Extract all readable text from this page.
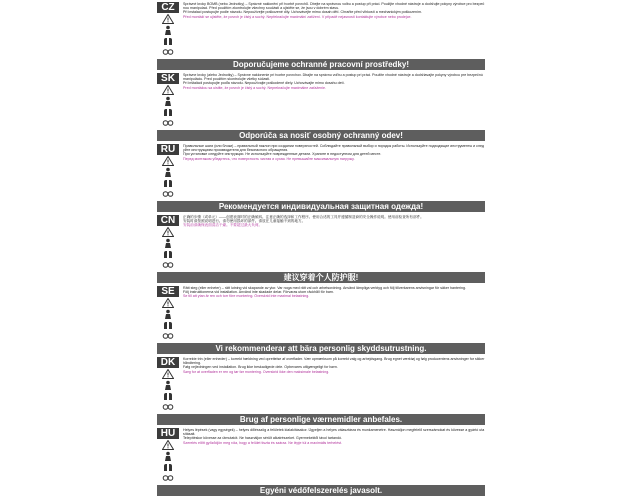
CZ	Správné kroky BOMB (nebo Jednotky) – Správné naklonění při tvorbě povrchů. Dbejte na správnou volbu a postup při práci. Použijte vhodné nástroje a dodržujte pokyny výrobce pro bezpečnou manipulaci. Před použitím zkontrolujte všechny součásti a ujistěte se, že jsou v dobrém stavu.

Při instalaci postupujte podle návodu. Nepoužívejte poškozené díly. Uchovávejte mimo dosah dětí. Chraňte před vlhkostí a mechanickým poškozením.

Před montáží se ujistěte, že povrch je čistý a suchý. Nepřekračujte maximální zatížení. V případě nejasností kontaktujte výrobce nebo prodejce.

Doporučujeme ochranné pracovní prostředky!
SK	Správne kroky (alebo Jednotky) – Správne naklonenie pri tvorbe povrchov. Dbajte na správnu voľbu a postup pri práci. Použite vhodné nástroje a dodržiavajte pokyny výrobcu pre bezpečnú manipuláciu. Pred použitím skontrolujte všetky súčasti.

Pri inštalácii postupujte podľa návodu. Nepoužívajte poškodené diely. Uchovávajte mimo dosahu detí.

Pred montážou sa uistite, že povrch je čistý a suchý. Neprekračujte maximálne zaťaženie.

Odporúča sa nosiť osobný ochranný odev!
RU	Правильные шаги (или блоки) – правильный наклон при создании поверхностей. Соблюдайте правильный выбор и порядок работы. Используйте подходящие инструменты и следуйте инструкциям производителя для безопасного обращения.

При установке следуйте инструкции. Не используйте поврежденные детали. Храните в недоступном для детей месте.

Перед монтажом убедитесь, что поверхность чистая и сухая. Не превышайте максимальную нагрузку.

Рекомендуется индивидуальная защитная одежда!
CN	正确的步骤（或单元）——创建表面时的正确倾斜。注意正确的选择和工作程序。使用合适的工具并遵循制造商的安全操作说明。使用前检查所有部件。

安装时请按照说明进行。请勿使用损坏的部件。请放在儿童接触不到的地方。

安装前请确保表面清洁干燥。不要超过最大负荷。

建议穿着个人防护服!
SE	Rätt steg (eller enheter) – rätt lutning vid skapande av ytor. Var noga med rätt val och arbetsordning. Använd lämpliga verktyg och följ tillverkarens anvisningar för säker hantering.

Följ instruktionerna vid installation. Använd inte skadade delar. Förvaras utom räckhåll för barn.

Se till att ytan är ren och torr före montering. Överskrid inte maximal belastning.

Vi rekommenderar att bära personlig skyddsutrustning.
DK	Korrekte trin (eller enheder) – korrekt hældning ved oprettelse af overflader. Vær opmærksom på korrekt valg og arbejdsgang. Brug egnet værktøj og følg producentens anvisninger for sikker håndtering.

Følg vejledningen ved installation. Brug ikke beskadigede dele. Opbevares utilgængeligt for børn.

Sørg for at overfladen er ren og tør før montering. Overskrid ikke den maksimale belastning.

Brug af personlige værnemidler anbefales.
HU	Helyes lépések (vagy egységek) – helyes dőlésszög a felületek kialakításakor. Ügyeljen a helyes választásra és munkamenetre. Használjon megfelelő szerszámokat és kövesse a gyártó utasításait.

Telepítéskor kövesse az útmutatót. Ne használjon sérült alkatrészeket. Gyermekektől távol tartandó.

Szerelés előtt győződjön meg róla, hogy a felület tiszta és száraz. Ne lépje túl a maximális terhelést.

Egyéni védőfelszerelés javasolt.
